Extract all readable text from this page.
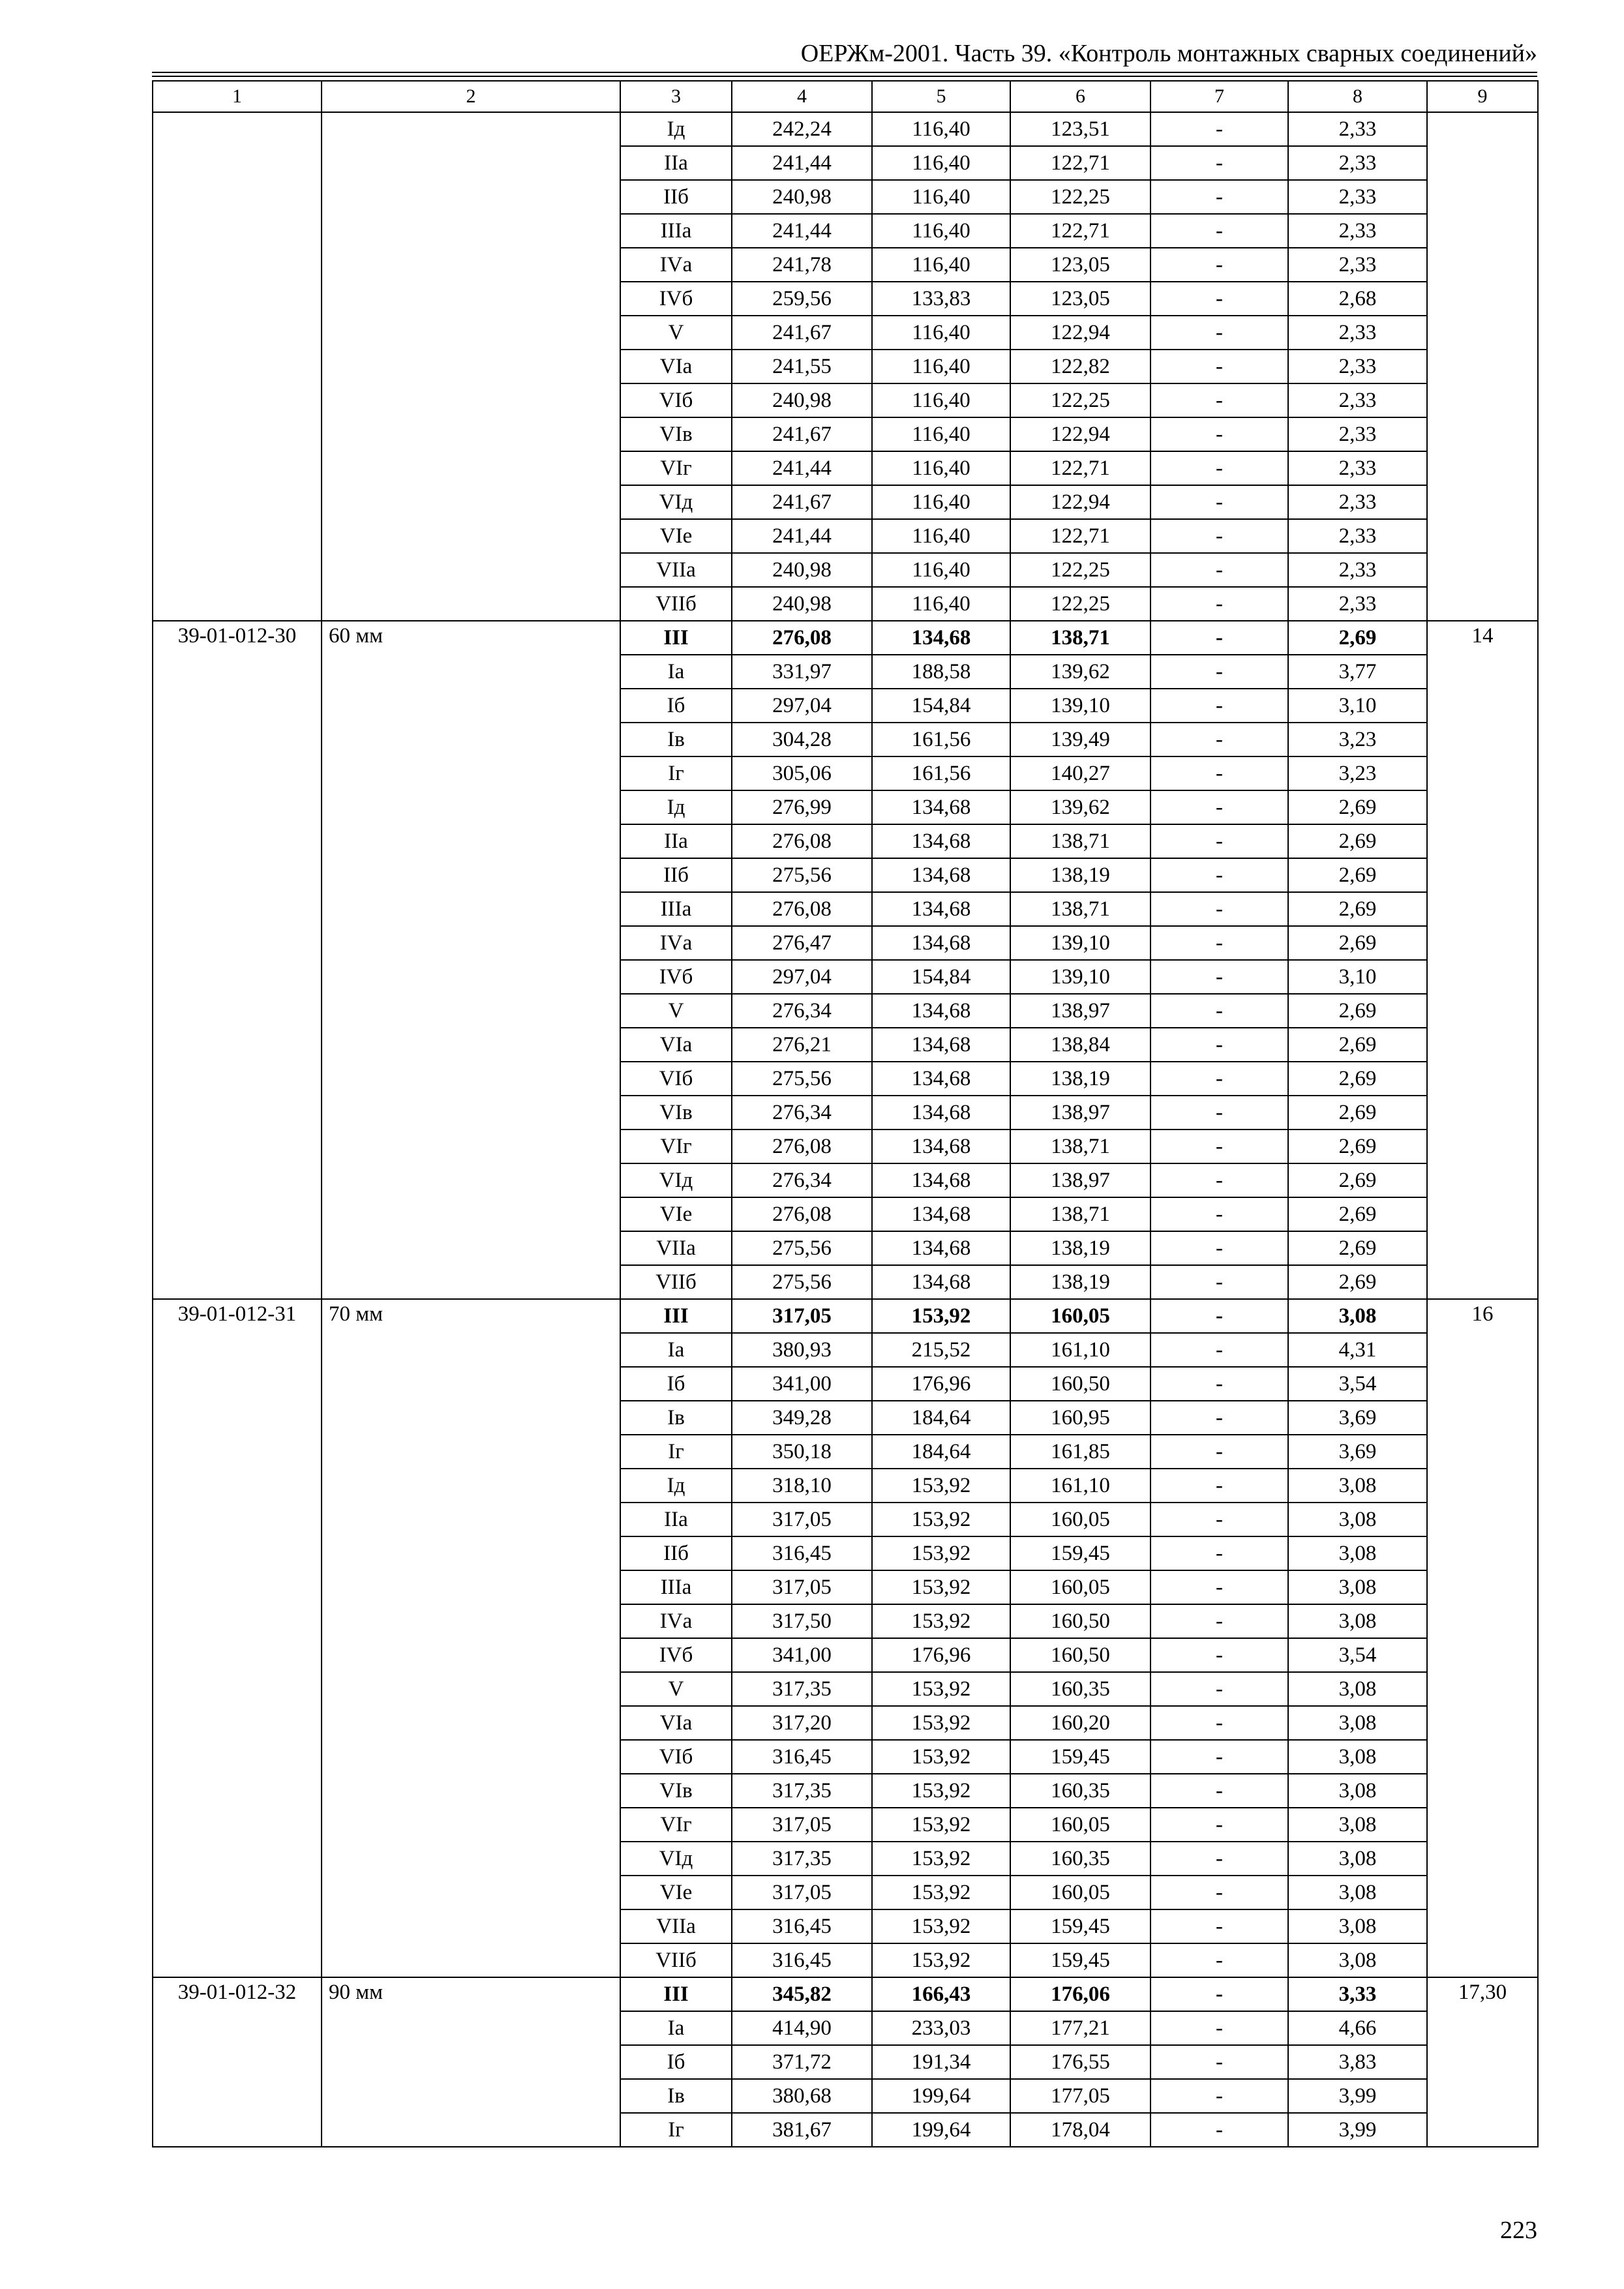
ОЕРЖм-2001. Часть 39. «Контроль монтажных сварных соединений»
1	2	3	4	5	6	7	8	9
		Iд	242,24	116,40	123,51	-	2,33	
		IIа	241,44	116,40	122,71	-	2,33	
		IIб	240,98	116,40	122,25	-	2,33	
		IIIа	241,44	116,40	122,71	-	2,33	
		IVа	241,78	116,40	123,05	-	2,33	
		IVб	259,56	133,83	123,05	-	2,68	
		V	241,67	116,40	122,94	-	2,33	
		VIа	241,55	116,40	122,82	-	2,33	
		VIб	240,98	116,40	122,25	-	2,33	
		VIв	241,67	116,40	122,94	-	2,33	
		VIг	241,44	116,40	122,71	-	2,33	
		VIд	241,67	116,40	122,94	-	2,33	
		VIе	241,44	116,40	122,71	-	2,33	
		VIIа	240,98	116,40	122,25	-	2,33	
		VIIб	240,98	116,40	122,25	-	2,33	
39-01-012-30	60 мм	III	276,08	134,68	138,71	-	2,69	14
		Iа	331,97	188,58	139,62	-	3,77	
		Iб	297,04	154,84	139,10	-	3,10	
		Iв	304,28	161,56	139,49	-	3,23	
		Iг	305,06	161,56	140,27	-	3,23	
		Iд	276,99	134,68	139,62	-	2,69	
		IIа	276,08	134,68	138,71	-	2,69	
		IIб	275,56	134,68	138,19	-	2,69	
		IIIа	276,08	134,68	138,71	-	2,69	
		IVа	276,47	134,68	139,10	-	2,69	
		IVб	297,04	154,84	139,10	-	3,10	
		V	276,34	134,68	138,97	-	2,69	
		VIа	276,21	134,68	138,84	-	2,69	
		VIб	275,56	134,68	138,19	-	2,69	
		VIв	276,34	134,68	138,97	-	2,69	
		VIг	276,08	134,68	138,71	-	2,69	
		VIд	276,34	134,68	138,97	-	2,69	
		VIе	276,08	134,68	138,71	-	2,69	
		VIIа	275,56	134,68	138,19	-	2,69	
		VIIб	275,56	134,68	138,19	-	2,69	
39-01-012-31	70 мм	III	317,05	153,92	160,05	-	3,08	16
		Iа	380,93	215,52	161,10	-	4,31	
		Iб	341,00	176,96	160,50	-	3,54	
		Iв	349,28	184,64	160,95	-	3,69	
		Iг	350,18	184,64	161,85	-	3,69	
		Iд	318,10	153,92	161,10	-	3,08	
		IIа	317,05	153,92	160,05	-	3,08	
		IIб	316,45	153,92	159,45	-	3,08	
		IIIа	317,05	153,92	160,05	-	3,08	
		IVа	317,50	153,92	160,50	-	3,08	
		IVб	341,00	176,96	160,50	-	3,54	
		V	317,35	153,92	160,35	-	3,08	
		VIа	317,20	153,92	160,20	-	3,08	
		VIб	316,45	153,92	159,45	-	3,08	
		VIв	317,35	153,92	160,35	-	3,08	
		VIг	317,05	153,92	160,05	-	3,08	
		VIд	317,35	153,92	160,35	-	3,08	
		VIе	317,05	153,92	160,05	-	3,08	
		VIIа	316,45	153,92	159,45	-	3,08	
		VIIб	316,45	153,92	159,45	-	3,08	
39-01-012-32	90 мм	III	345,82	166,43	176,06	-	3,33	17,30
		Iа	414,90	233,03	177,21	-	4,66	
		Iб	371,72	191,34	176,55	-	3,83	
		Iв	380,68	199,64	177,05	-	3,99	
		Iг	381,67	199,64	178,04	-	3,99	
223
